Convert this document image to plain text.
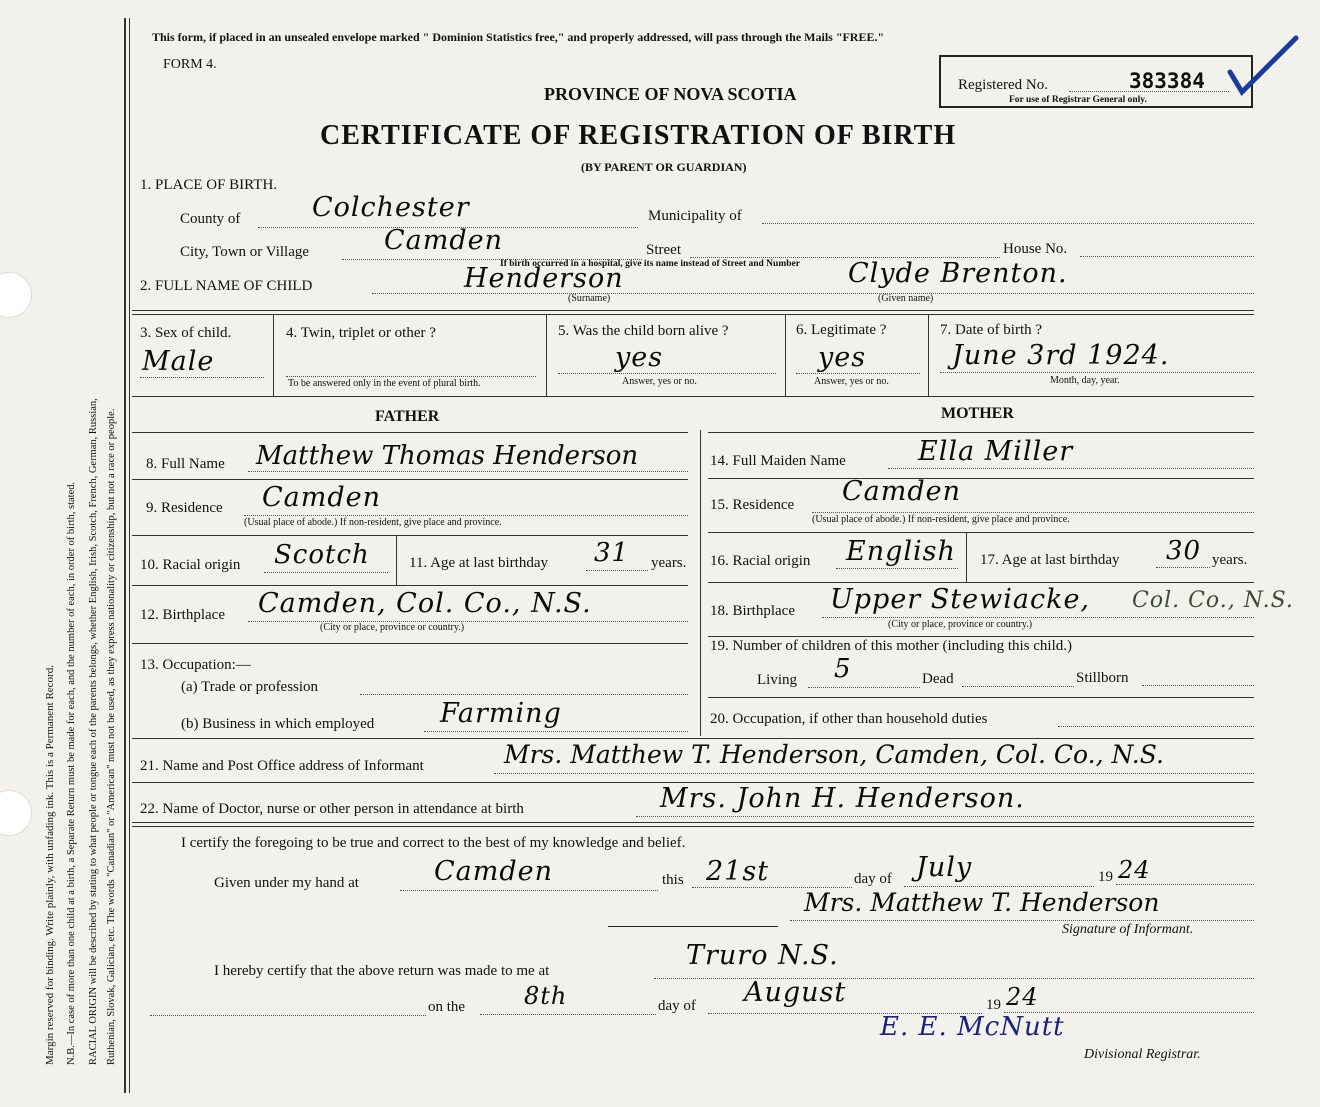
Margin reserved for binding. Write plainly, with unfading ink. This is a Permanent Record. N.B.—In case of more than one child at a birth, a Separate Return must be made for each, and the number of each, in order of birth, stated. RACIAL ORIGIN will be described by stating to what people or tongue each of the parents belongs, whether English, Irish, Scotch, French, German, Russian, Ruthenian, Slovak, Galician, etc. The words "Canadian" or "American" must not be used, as they express nationality or citizenship, but not a race or people.
This form, if placed in an unsealed envelope marked " Dominion Statistics free," and properly addressed, will pass through the Mails "FREE."
FORM 4.
PROVINCE OF NOVA SCOTIA
CERTIFICATE OF REGISTRATION OF BIRTH
(BY PARENT OR GUARDIAN)
Registered No.	383384
For use of Registrar General only.
1. PLACE OF BIRTH.
County of	Colchester	Municipality of
City, Town or Village	Camden	Street	House No.
If birth occurred in a hospital, give its name instead of Street and Number
2. FULL NAME OF CHILD	Henderson	Clyde Brenton.
(Surname)	(Given name)
3. Sex of child.
Male
4. Twin, triplet or other ?
To be answered only in the event of plural birth.
5. Was the child born alive ?
yes
Answer, yes or no.
6. Legitimate ?
yes
Answer, yes or no.
7. Date of birth ?
June 3rd 1924.
Month, day, year.
FATHER	MOTHER
8. Full Name Matthew Thomas Henderson
9. Residence Camden
(Usual place of abode.) If non-resident, give place and province.
10. Racial origin Scotch	11. Age at last birthday 31 years.
12. Birthplace Camden, Col. Co., N.S.
(City or place, province or country.)
13. Occupation:—
(a) Trade or profession
(b) Business in which employed Farming
14. Full Maiden Name	Ella Miller
15. Residence Camden
(Usual place of abode.) If non-resident, give place and province.
16. Racial origin English 17. Age at last birthday 30 years.
18. Birthplace Upper Stewiacke, Col. Co., N.S.
(City or place, province or country.)
19. Number of children of this mother (including this child.)
Living 5	Dead	Stillborn
20. Occupation, if other than household duties
21. Name and Post Office address of Informant	Mrs. Matthew T. Henderson, Camden, Col. Co., N.S.
22. Name of Doctor, nurse or other person in attendance at birth	Mrs. John H. Henderson.
I certify the foregoing to be true and correct to the best of my knowledge and belief.
Given under my hand at	Camden	this 21st	day of July	19 24
Mrs. Matthew T. Henderson
Signature of Informant.
I hereby certify that the above return was made to me at	Truro N.S.
on the 8th	day of August	19 24
E. E. McNutt
Divisional Registrar.
